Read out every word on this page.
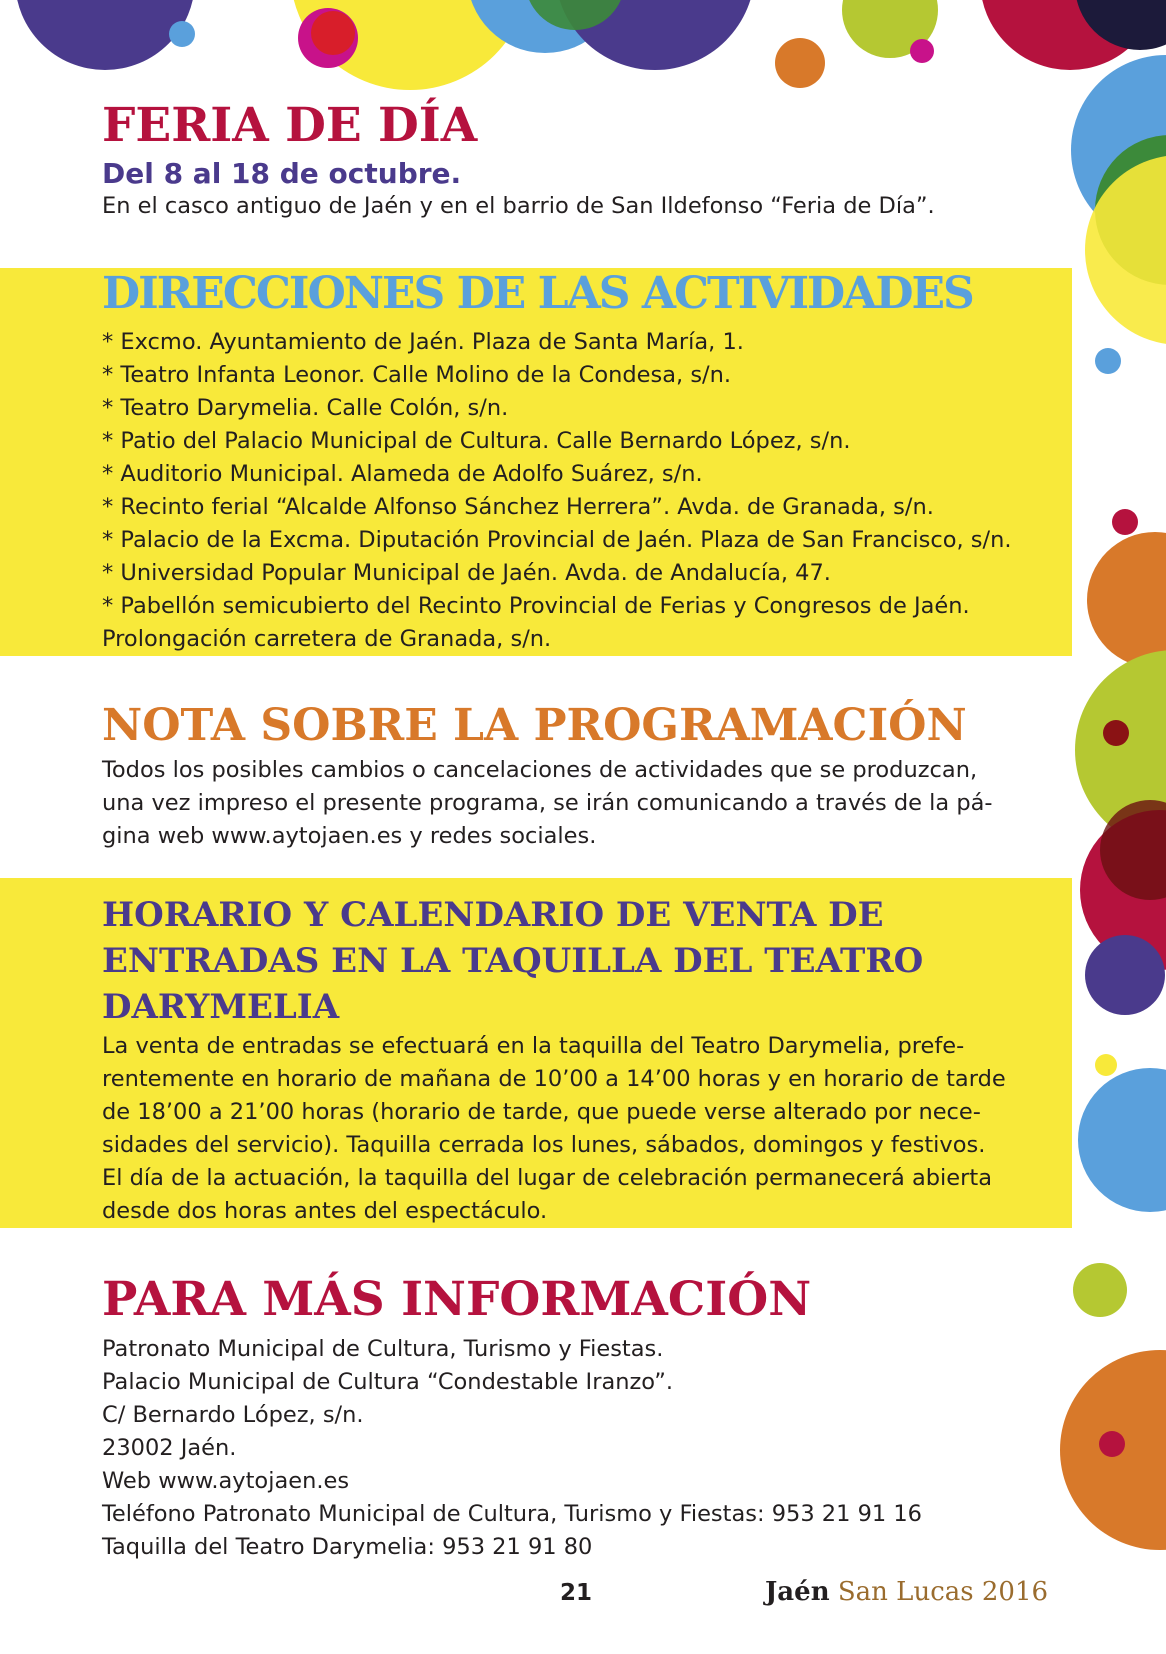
FERIA DE DÍA
Del 8 al 18 de octubre.

En el casco antiguo de Jaén y en el barrio de San Ildefonso “Feria de Día”.

DIRECCIONES DE LAS ACTIVIDADES

* Excmo. Ayuntamiento de Jaén. Plaza de Santa María, 1.

* Teatro Infanta Leonor. Calle Molino de la Condesa, s/n.

* Teatro Darymelia. Calle Colón, s/n.

* Patio del Palacio Municipal de Cultura. Calle Bernardo López, s/n.

* Auditorio Municipal. Alameda de Adolfo Suárez, s/n.

* Recinto ferial “Alcalde Alfonso Sánchez Herrera”. Avda. de Granada, s/n.

* Palacio de la Excma. Diputación Provincial de Jaén. Plaza de San Francisco, s/n.

* Universidad Popular Municipal de Jaén. Avda. de Andalucía, 47.

* Pabellón semicubierto del Recinto Provincial de Ferias y Congresos de Jaén.

Prolongación carretera de Granada, s/n.

NOTA SOBRE LA PROGRAMACIÓN

Todos los posibles cambios o cancelaciones de actividades que se produzcan,

una vez impreso el presente programa, se irán comunicando a través de la pá-

gina web www.aytojaen.es y redes sociales.

HORARIO Y CALENDARIO DE VENTA DE
ENTRADAS EN LA TAQUILLA DEL TEATRO
DARYMELIA

La venta de entradas se efectuará en la taquilla del Teatro Darymelia, prefe-

rentemente en horario de mañana de 10’00 a 14’00 horas y en horario de tarde

de 18’00 a 21’00 horas (horario de tarde, que puede verse alterado por nece-

sidades del servicio). Taquilla cerrada los lunes, sábados, domingos y festivos.

El día de la actuación, la taquilla del lugar de celebración permanecerá abierta

desde dos horas antes del espectáculo.

PARA MÁS INFORMACIÓN

Patronato Municipal de Cultura, Turismo y Fiestas.

Palacio Municipal de Cultura “Condestable Iranzo”.

C/ Bernardo López, s/n.

23002 Jaén.

Web www.aytojaen.es

Teléfono Patronato Municipal de Cultura, Turismo y Fiestas: 953 21 91 16

Taquilla del Teatro Darymelia: 953 21 91 80

21	Jaén San Lucas 2016
